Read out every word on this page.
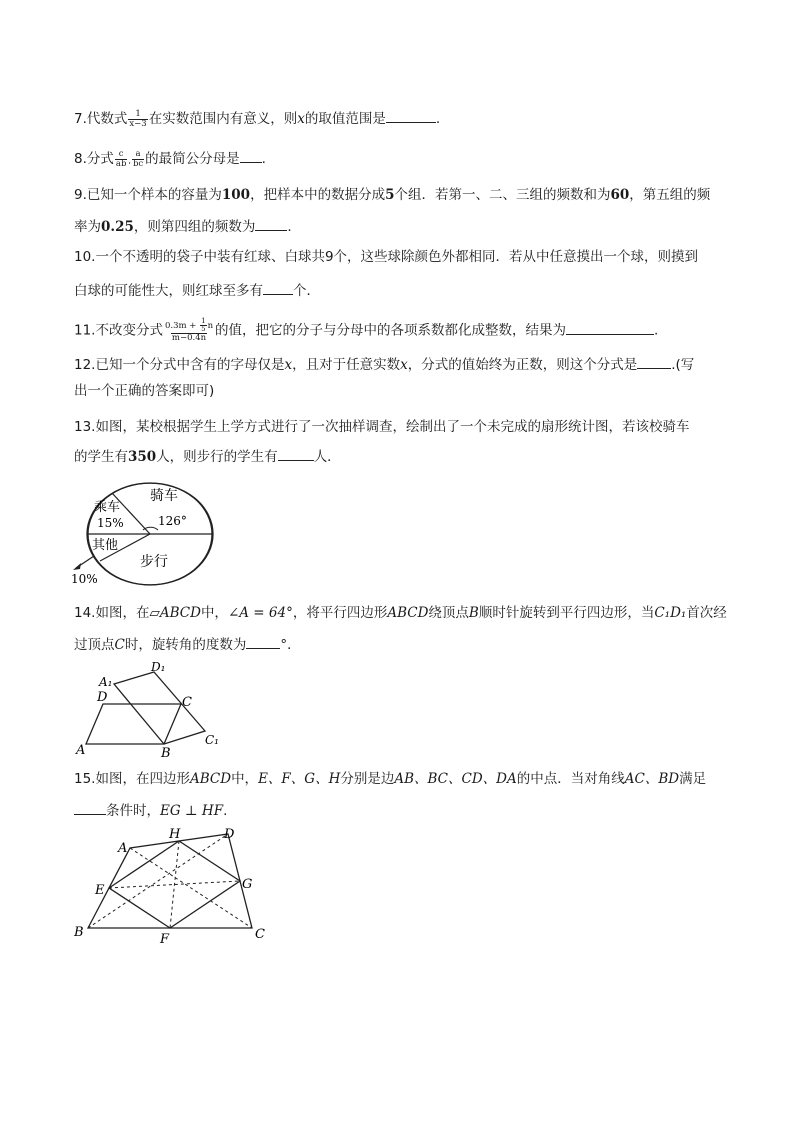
7.代数式 $\frac{1}{x-3}$ 在实数范围内有意义，则x的取值范围是	.
8.分式 $\frac{c}{ab}$ , $\frac{a}{bc}$ 的最简公分母是 .
9.已知一个样本的容量为100，把样本中的数据分成5个组．若第一、二、三组的频数和为60，第五组的频
率为0.25，则第四组的频数为 .
10.一个不透明的袋子中装有红球、白球共9个，这些球除颜色外都相同．若从中任意摸出一个球，则摸到
白球的可能性大，则红球至多有 个．
11.不改变分式 $\frac{0.3m + \frac{1}{5} n}{m-0.4n}$ 的值，把它的分子与分母中的各项系数都化成整数，结果为	.
12.已知一个分式中含有的字母仅是x，且对于任意实数x，分式的值始终为正数，则这个分式是	.(写
出一个正确的答案即可)
13.如图，某校根据学生上学方式进行了一次抽样调查，绘制出了一个未完成的扇形统计图，若该校骑车
的学生有350人，则步行的学生有	人．
骑车
乘车
15%	126°
其他
步行
10%
14.如图，在▱ABCD中，∠A = 64°，将平行四边形ABCD绕顶点B顺时针旋转到平行四边形，当C₁D₁首次经
过顶点C时，旋转角的度数为	°．
A	B
C
D
A₁
C₁
D₁
15.如图，在四边形ABCD中，E、F、G、H分别是边AB、BC、CD、DA的中点．当对角线AC、BD满足
条件时，EG ⊥ HF.
A
B	C
D
E
F
G
H
